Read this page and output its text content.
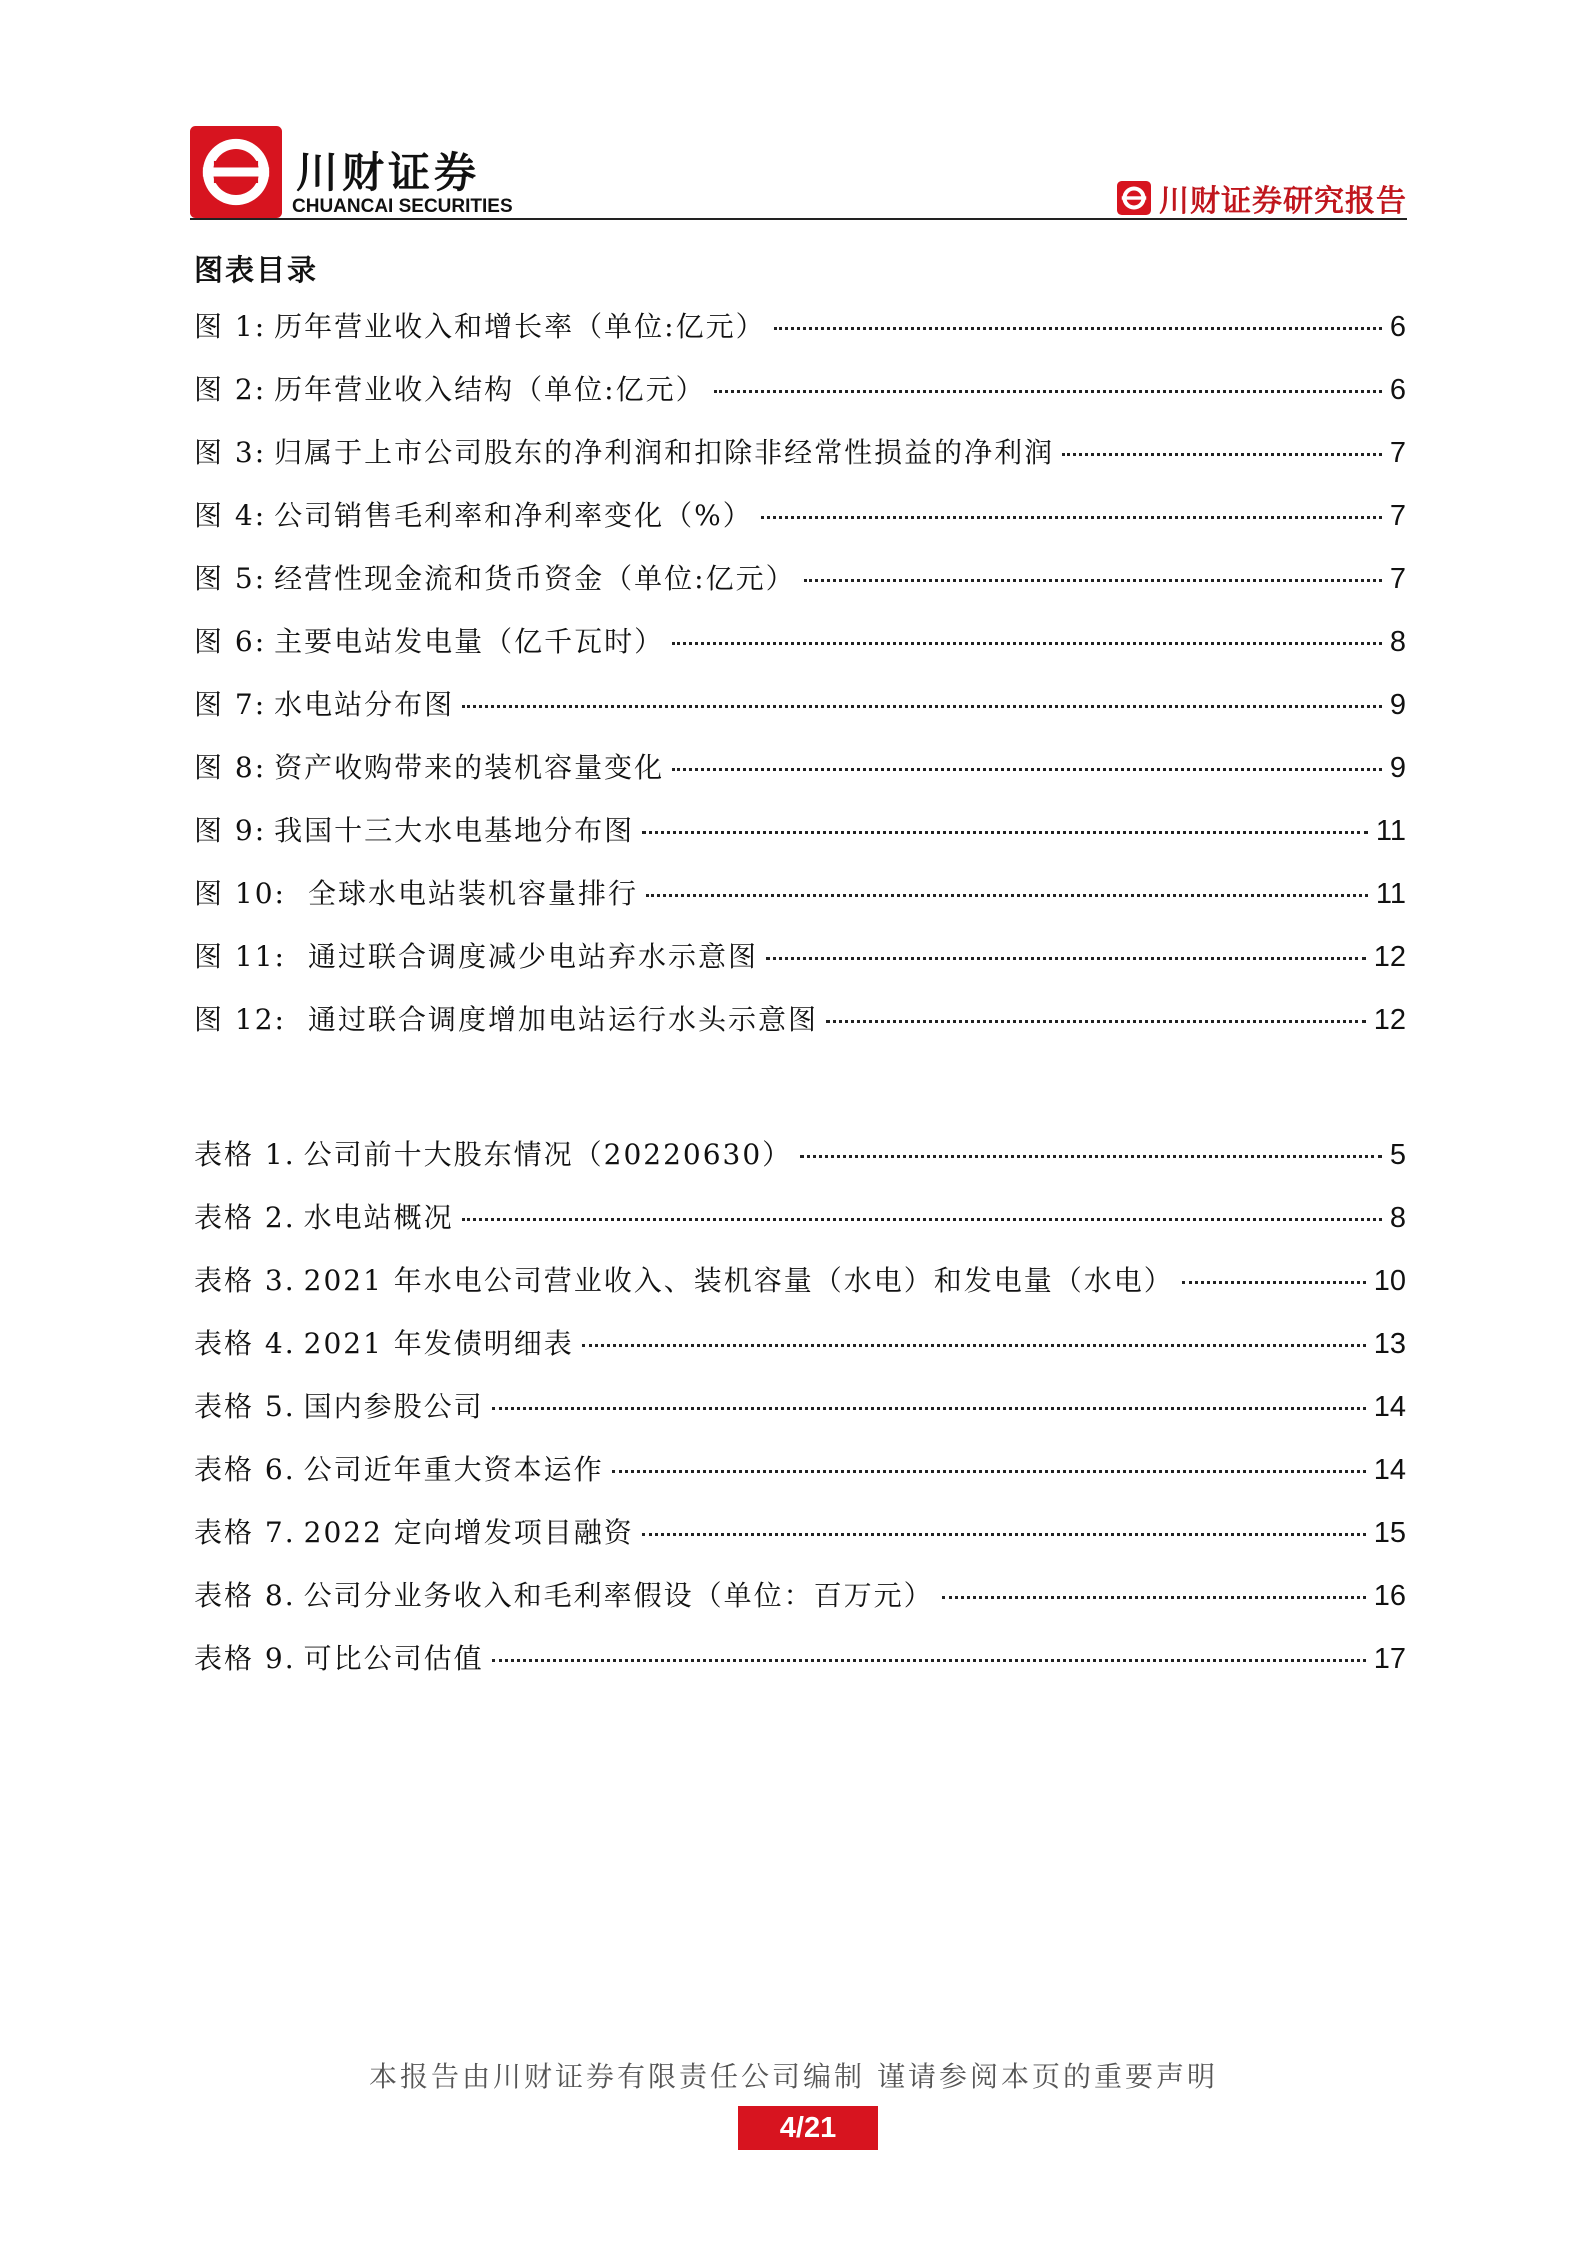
川财证券
CHUANCAI SECURITIES	川财证券研究报告
图表目录
图 1: 历年营业收入和增长率（单位:亿元）	6
图 2: 历年营业收入结构（单位:亿元）	6
图 3: 归属于上市公司股东的净利润和扣除非经常性损益的净利润	7
图 4: 公司销售毛利率和净利率变化（%）	7
图 5: 经营性现金流和货币资金（单位:亿元）	7
图 6: 主要电站发电量（亿千瓦时）	8
图 7: 水电站分布图	9
图 8: 资产收购带来的装机容量变化	9
图 9: 我国十三大水电基地分布图	11
图 10: 全球水电站装机容量排行	11
图 11: 通过联合调度减少电站弃水示意图	12
图 12: 通过联合调度增加电站运行水头示意图	12
表格 1. 公司前十大股东情况（20220630）	5
表格 2. 水电站概况	8
表格 3. 2021 年水电公司营业收入、装机容量（水电）和发电量（水电）	10
表格 4. 2021 年发债明细表	13
表格 5. 国内参股公司	14
表格 6. 公司近年重大资本运作	14
表格 7. 2022 定向增发项目融资	15
表格 8. 公司分业务收入和毛利率假设（单位：百万元）	16
表格 9. 可比公司估值	17
本报告由川财证券有限责任公司编制 谨请参阅本页的重要声明
4/21
